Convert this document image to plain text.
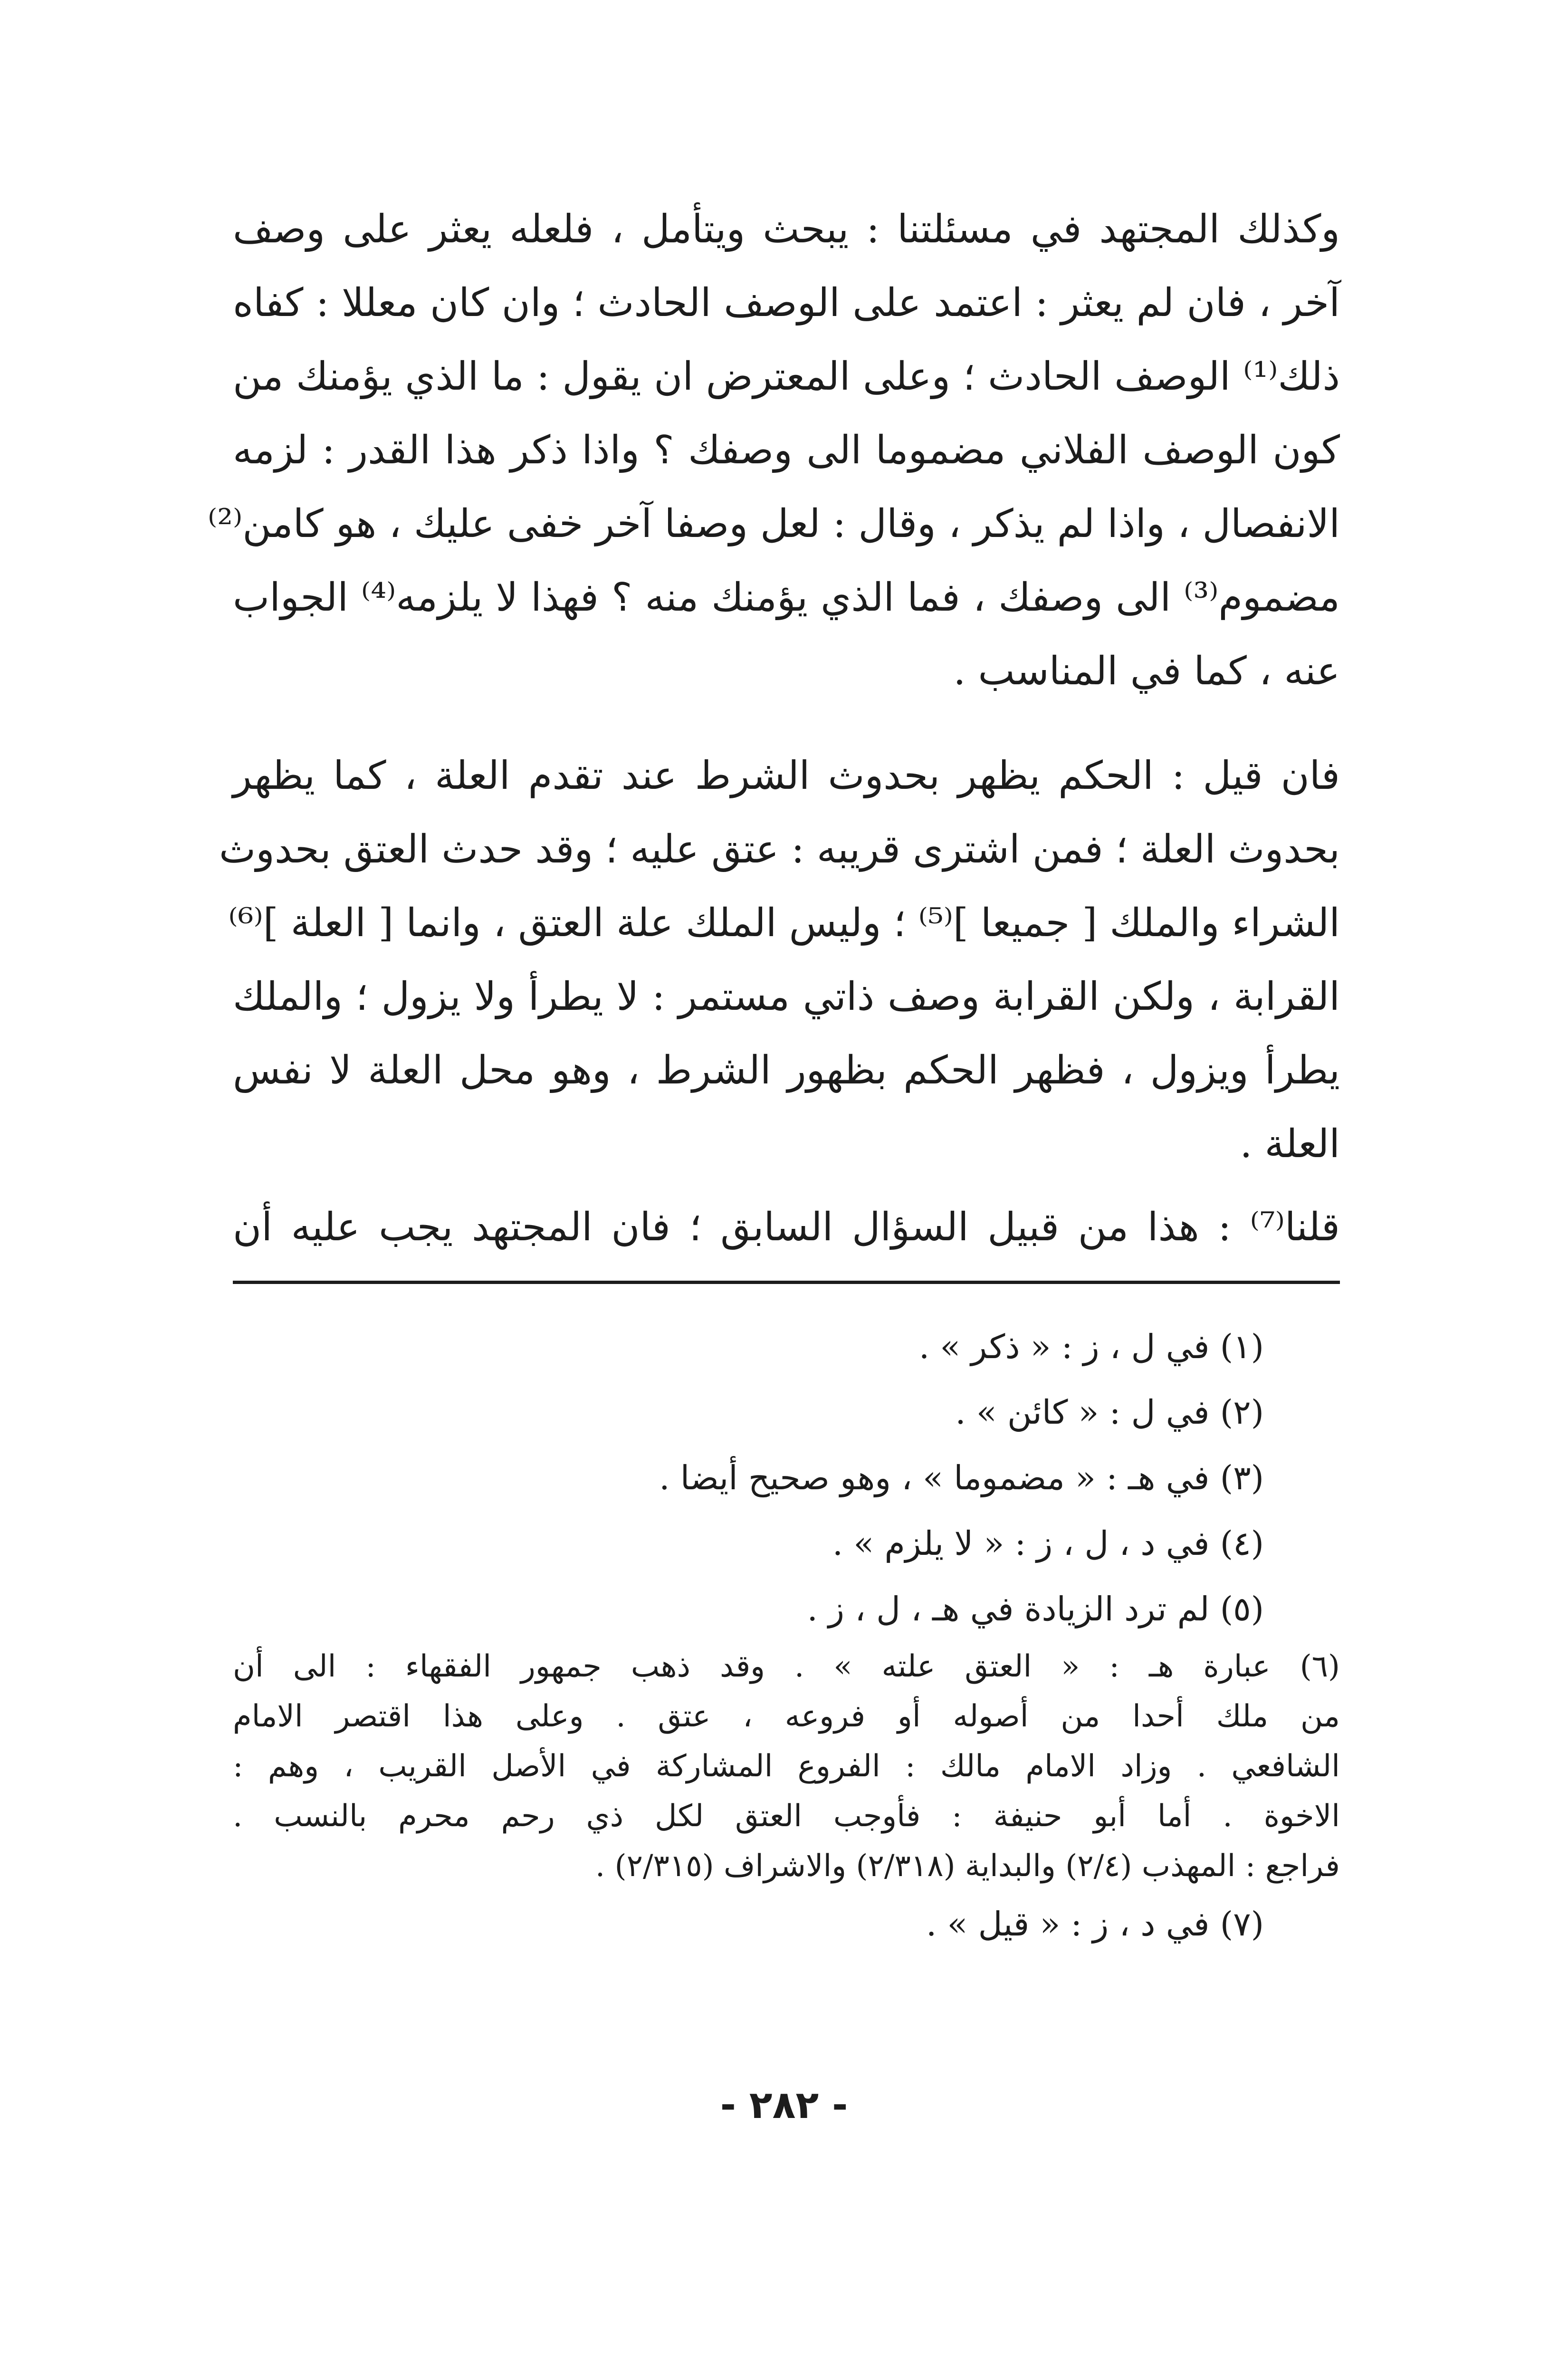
وكذلك المجتهد في مسئلتنا : يبحث ويتأمل ، فلعله يعثر على وصف
آخر ، فان لم يعثر : اعتمد على الوصف الحادث ؛ وان كان معللا : كفاه
ذلك⁽¹⁾ الوصف الحادث ؛ وعلى المعترض ان يقول : ما الذي يؤمنك من
كون الوصف الفلاني مضموما الى وصفك ؟ واذا ذكر هذا القدر : لزمه
الانفصال ، واذا لم يذكر ، وقال : لعل وصفا آخر خفى عليك ، هو كامن⁽²⁾
مضموم⁽³⁾ الى وصفك ، فما الذي يؤمنك منه ؟ فهذا لا يلزمه⁽⁴⁾ الجواب
عنه ، كما في المناسب .
فان قيل : الحكم يظهر بحدوث الشرط عند تقدم العلة ، كما يظهر
بحدوث العلة ؛ فمن اشترى قريبه : عتق عليه ؛ وقد حدث العتق بحدوث
الشراء والملك [ جميعا ]⁽⁵⁾ ؛ وليس الملك علة العتق ، وانما [ العلة ]⁽⁶⁾
القرابة ، ولكن القرابة وصف ذاتي مستمر : لا يطرأ ولا يزول ؛ والملك
يطرأ ويزول ، فظهر الحكم بظهور الشرط ، وهو محل العلة لا نفس
العلة .
قلنا⁽⁷⁾ : هذا من قبيل السؤال السابق ؛ فان المجتهد يجب عليه أن
(١) في ل ، ز : « ذكر » .
(٢) في ل : « كائن » .
(٣) في هـ : « مضموما » ، وهو صحيح أيضا .
(٤) في د ، ل ، ز : « لا يلزم » .
(٥) لم ترد الزيادة في هـ ، ل ، ز .
(٦) عبارة هـ : « العتق علته » . وقد ذهب جمهور الفقهاء : الى أن
من ملك أحدا من أصوله أو فروعه ، عتق . وعلى هذا اقتصر الامام
الشافعي . وزاد الامام مالك : الفروع المشاركة في الأصل القريب ، وهم :
الاخوة . أما أبو حنيفة : فأوجب العتق لكل ذي رحم محرم بالنسب .
فراجع : المهذب (٢/٤) والبداية (٢/٣١٨) والاشراف (٢/٣١٥) .
(٧) في د ، ز : « قيل » .
- ٢٨٢ -
